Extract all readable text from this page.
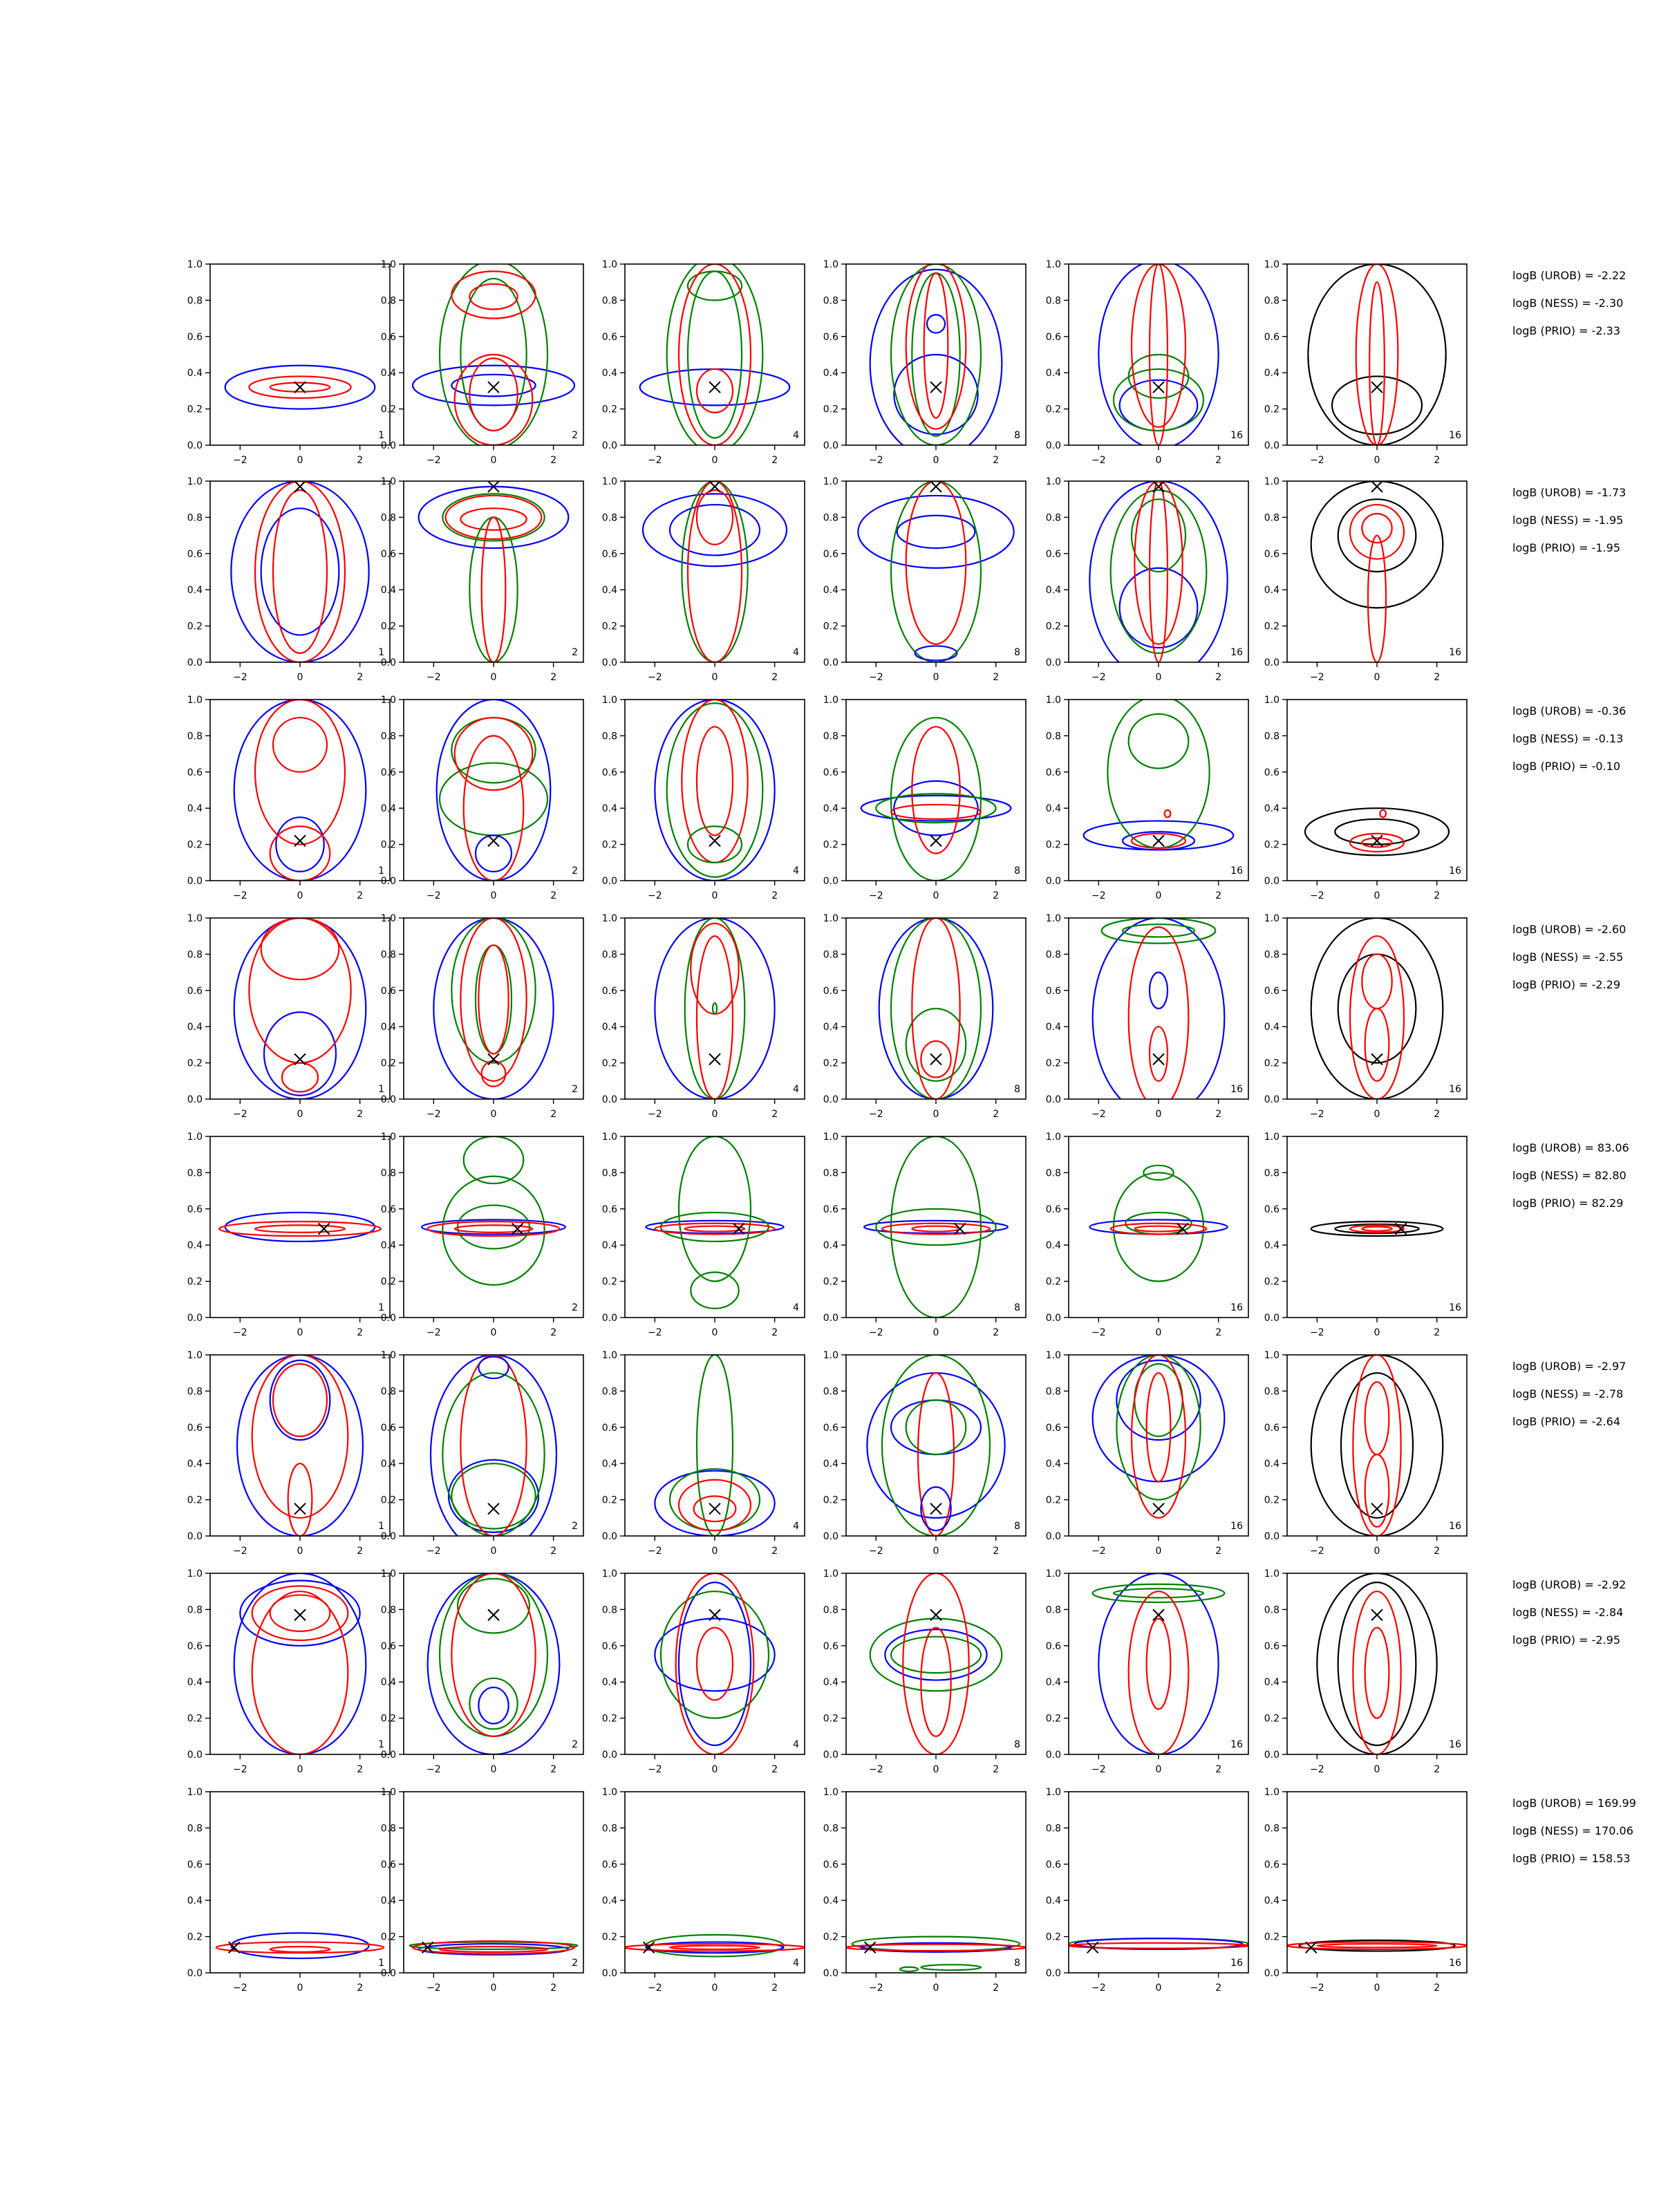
−2	0	2
0.0
0.2
0.4
0.6
0.8
1.0
1
−2	0	2
0.0
0.2
0.4
0.6
0.8
1.0
2
−2	0	2
0.0
0.2
0.4
0.6
0.8
1.0
4
−2	0	2
0.0
0.2
0.4
0.6
0.8
1.0
8
−2	0	2
0.0
0.2
0.4
0.6
0.8
1.0
16
−2	0	2
0.0
0.2
0.4
0.6
0.8
1.0
16
−2	0	2
0.0
0.2
0.4
0.6
0.8
1.0
1
−2	0	2
0.0
0.2
0.4
0.6
0.8
1.0
2
−2	0	2
0.0
0.2
0.4
0.6
0.8
1.0
4
−2	0	2
0.0
0.2
0.4
0.6
0.8
1.0
8
−2	0	2
0.0
0.2
0.4
0.6
0.8
1.0
16
−2	0	2
0.0
0.2
0.4
0.6
0.8
1.0
16
−2	0	2
0.0
0.2
0.4
0.6
0.8
1.0
1
−2	0	2
0.0
0.2
0.4
0.6
0.8
1.0
2
−2	0	2
0.0
0.2
0.4
0.6
0.8
1.0
4
−2	0	2
0.0
0.2
0.4
0.6
0.8
1.0
8
−2	0	2
0.0
0.2
0.4
0.6
0.8
1.0
16
−2	0	2
0.0
0.2
0.4
0.6
0.8
1.0
16
−2	0	2
0.0
0.2
0.4
0.6
0.8
1.0
1
−2	0	2
0.0
0.2
0.4
0.6
0.8
1.0
2
−2	0	2
0.0
0.2
0.4
0.6
0.8
1.0
4
−2	0	2
0.0
0.2
0.4
0.6
0.8
1.0
8
−2	0	2
0.0
0.2
0.4
0.6
0.8
1.0
16
−2	0	2
0.0
0.2
0.4
0.6
0.8
1.0
16
−2	0	2
0.0
0.2
0.4
0.6
0.8
1.0
1
−2	0	2
0.0
0.2
0.4
0.6
0.8
1.0
2
−2	0	2
0.0
0.2
0.4
0.6
0.8
1.0
4
−2	0	2
0.0
0.2
0.4
0.6
0.8
1.0
8
−2	0	2
0.0
0.2
0.4
0.6
0.8
1.0
16
−2	0	2
0.0
0.2
0.4
0.6
0.8
1.0
16
−2	0	2
0.0
0.2
0.4
0.6
0.8
1.0
1
−2	0	2
0.0
0.2
0.4
0.6
0.8
1.0
2
−2	0	2
0.0
0.2
0.4
0.6
0.8
1.0
4
−2	0	2
0.0
0.2
0.4
0.6
0.8
1.0
8
−2	0	2
0.0
0.2
0.4
0.6
0.8
1.0
16
−2	0	2
0.0
0.2
0.4
0.6
0.8
1.0
16
−2	0	2
0.0
0.2
0.4
0.6
0.8
1.0
1
−2	0	2
0.0
0.2
0.4
0.6
0.8
1.0
2
−2	0	2
0.0
0.2
0.4
0.6
0.8
1.0
4
−2	0	2
0.0
0.2
0.4
0.6
0.8
1.0
8
−2	0	2
0.0
0.2
0.4
0.6
0.8
1.0
16
−2	0	2
0.0
0.2
0.4
0.6
0.8
1.0
16
−2	0	2
0.0
0.2
0.4
0.6
0.8
1.0
1
−2	0	2
0.0
0.2
0.4
0.6
0.8
1.0
2
−2	0	2
0.0
0.2
0.4
0.6
0.8
1.0
4
−2	0	2
0.0
0.2
0.4
0.6
0.8
1.0
8
−2	0	2
0.0
0.2
0.4
0.6
0.8
1.0
16
−2	0	2
0.0
0.2
0.4
0.6
0.8
1.0
16
logB (UROB) = -2.22
logB (NESS) = -2.30
logB (PRIO) = -2.33
logB (UROB) = -1.73
logB (NESS) = -1.95
logB (PRIO) = -1.95
logB (UROB) = -0.36
logB (NESS) = -0.13
logB (PRIO) = -0.10
logB (UROB) = -2.60
logB (NESS) = -2.55
logB (PRIO) = -2.29
logB (UROB) = 83.06
logB (NESS) = 82.80
logB (PRIO) = 82.29
logB (UROB) = -2.97
logB (NESS) = -2.78
logB (PRIO) = -2.64
logB (UROB) = -2.92
logB (NESS) = -2.84
logB (PRIO) = -2.95
logB (UROB) = 169.99
logB (NESS) = 170.06
logB (PRIO) = 158.53
